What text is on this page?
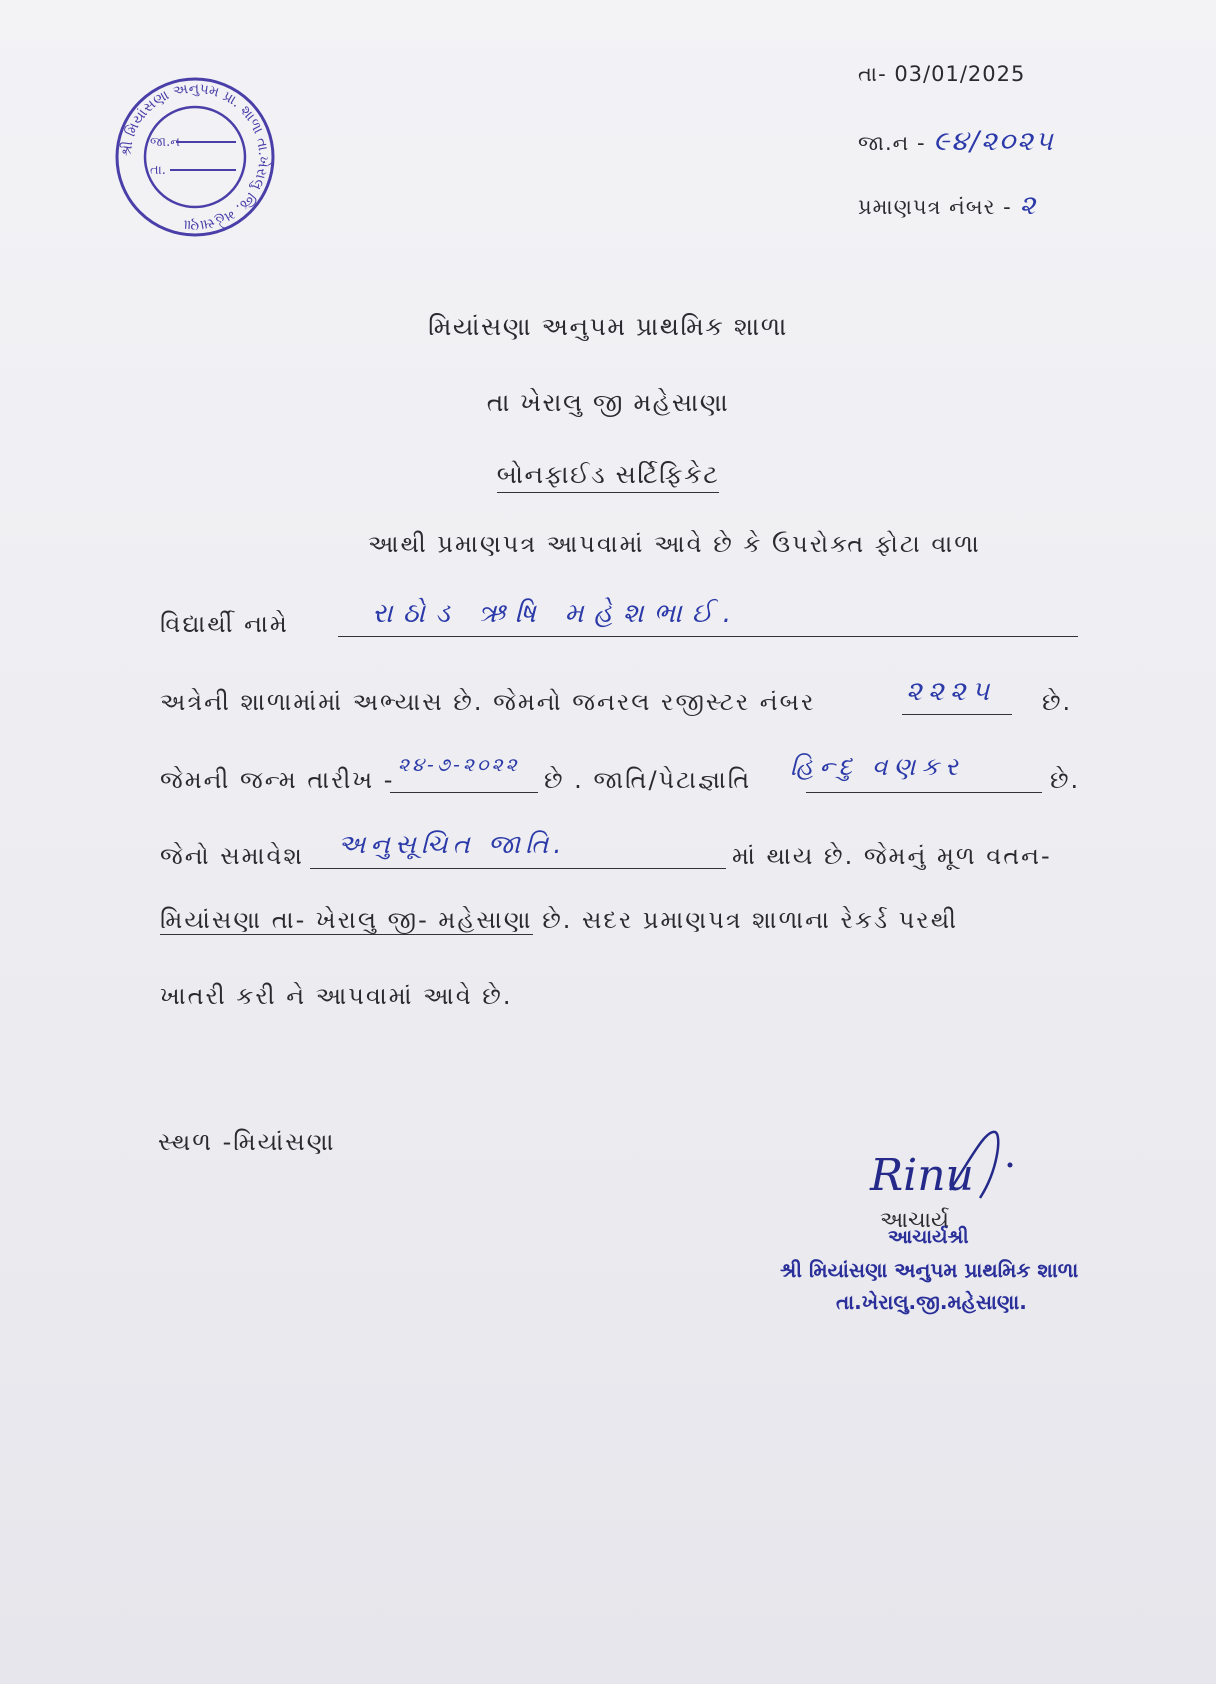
શ્રી મિયાંસણા અનુપમ પ્રા. શાળા તા.ખેરાલુ જિ. મહેસાણા
જા.ન
તા.
તા- 03/01/2025
જા.ન - ૯૪/૨૦૨૫
પ્રમાણપત્ર નંબર - ૨
મિયાંસણા અનુપમ પ્રાથમિક શાળા
તા ખેરાલુ જી મહેસાણા
બોનફાઈડ સર્ટિફિકેટ
આથી પ્રમાણપત્ર આપવામાં આવે છે કે ઉપરોક્ત ફોટા વાળા
વિદ્યાર્થી નામે	રાઠોડ ઋષિ મહેશભાઈ.
અત્રેની શાળામાંમાં અભ્યાસ છે. જેમનો જનરલ રજીસ્ટર નંબર	છે.
૨૨૨૫
જેમની જન્મ તારીખ -	છે . જાતિ/પેટાજ્ઞાતિ	છે.
૨૪-૭-૨૦૨૨	હિન્દુ વણકર
જેનો સમાવેશ	માં થાય છે. જેમનું મૂળ વતન-
અનુસૂચિત જાતિ.
મિયાંસણા તા- ખેરાલુ જી- મહેસાણા છે. સદર પ્રમાણપત્ર શાળાના રેકર્ડ પરથી
ખાતરી કરી ને આપવામાં આવે છે.
સ્થળ -મિયાંસણા
Rinu
આચાર્ય
આચાર્યશ્રી
શ્રી મિયાંસણા અનુપમ પ્રાથમિક શાળા
તા.ખેરાલુ.જી.મહેસાણા.
